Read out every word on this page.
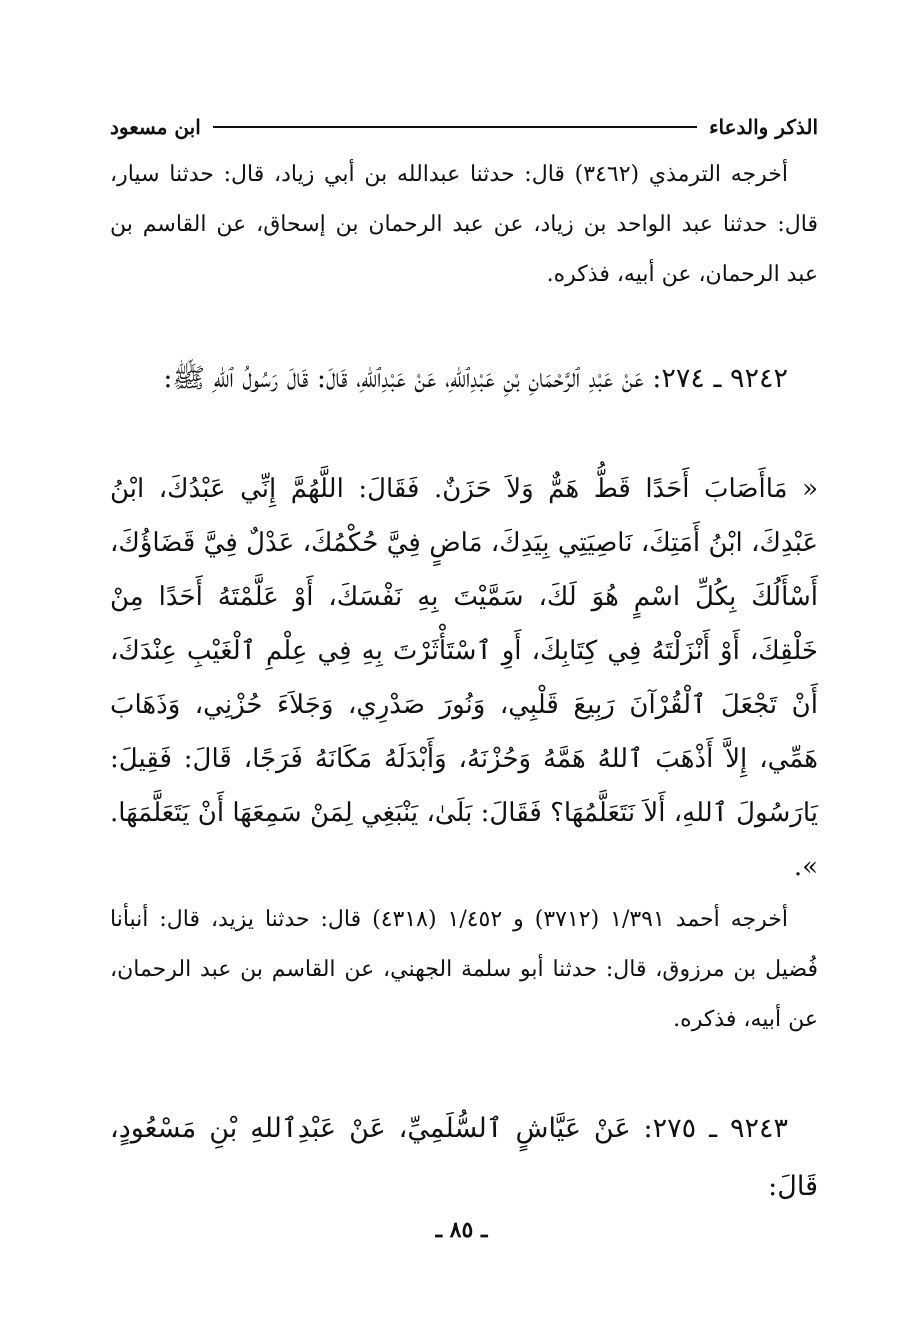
الذكر والدعاء
ابن مسعود

أخرجه الترمذي (٣٤٦٢) قال: حدثنا عبدالله بن أبي زياد، قال: حدثنا سيار، قال: حدثنا عبد الواحد بن زياد، عن عبد الرحمان بن إسحاق، عن القاسم بن عبد الرحمان، عن أبيه، فذكره.

٩٢٤٢ ـ ٢٧٤: عَنْ عَبْدِ ٱلرَّحْمَانِ بْنِ عَبْدِٱللهِ، عَنْ عَبْدِٱللهِ، قَالَ: قَالَ رَسُولُ ٱللهِ ﷺ:

« مَاأَصَابَ أَحَدًا قَطُّ هَمٌّ وَلاَ حَزَنٌ. فَقَالَ: اللَّهُمَّ إِنِّي عَبْدُكَ، ابْنُ عَبْدِكَ، ابْنُ أَمَتِكَ، نَاصِيَتِي بِيَدِكَ، مَاضٍ فِيَّ حُكْمُكَ، عَدْلٌ فِيَّ قَضَاؤُكَ، أَسْأَلُكَ بِكُلِّ اسْمٍ هُوَ لَكَ، سَمَّيْتَ بِهِ نَفْسَكَ، أَوْ عَلَّمْتَهُ أَحَدًا مِنْ خَلْقِكَ، أَوْ أَنْزَلْتَهُ فِي كِتَابِكَ، أَوِ ٱسْتَأْثَرْتَ بِهِ فِي عِلْمِ ٱلْغَيْبِ عِنْدَكَ، أَنْ تَجْعَلَ ٱلْقُرْآنَ رَبِيعَ قَلْبِي، وَنُورَ صَدْرِي، وَجَلاَءَ حُزْنِي، وَذَهَابَ هَمِّي، إِلاَّ أَذْهَبَ ٱللهُ هَمَّهُ وَحُزْنَهُ، وَأَبْدَلَهُ مَكَانَهُ فَرَجًا، قَالَ: فَقِيلَ: يَارَسُولَ ٱللهِ، أَلاَ نَتَعَلَّمُهَا؟ فَقَالَ: بَلَىٰ، يَنْبَغِي لِمَنْ سَمِعَهَا أَنْ يَتَعَلَّمَهَا. ».

أخرجه أحمد ١/٣٩١ (٣٧١٢) و ١/٤٥٢ (٤٣١٨) قال: حدثنا يزيد، قال: أنبأنا فُضيل بن مرزوق، قال: حدثنا أبو سلمة الجهني، عن القاسم بن عبد الرحمان، عن أبيه، فذكره.

٩٢٤٣ ـ ٢٧٥: عَنْ عَيَّاشٍ ٱلسُّلَمِيِّ، عَنْ عَبْدِٱللهِ بْنِ مَسْعُودٍ، قَالَ:

ـ ٨٥ ـ
